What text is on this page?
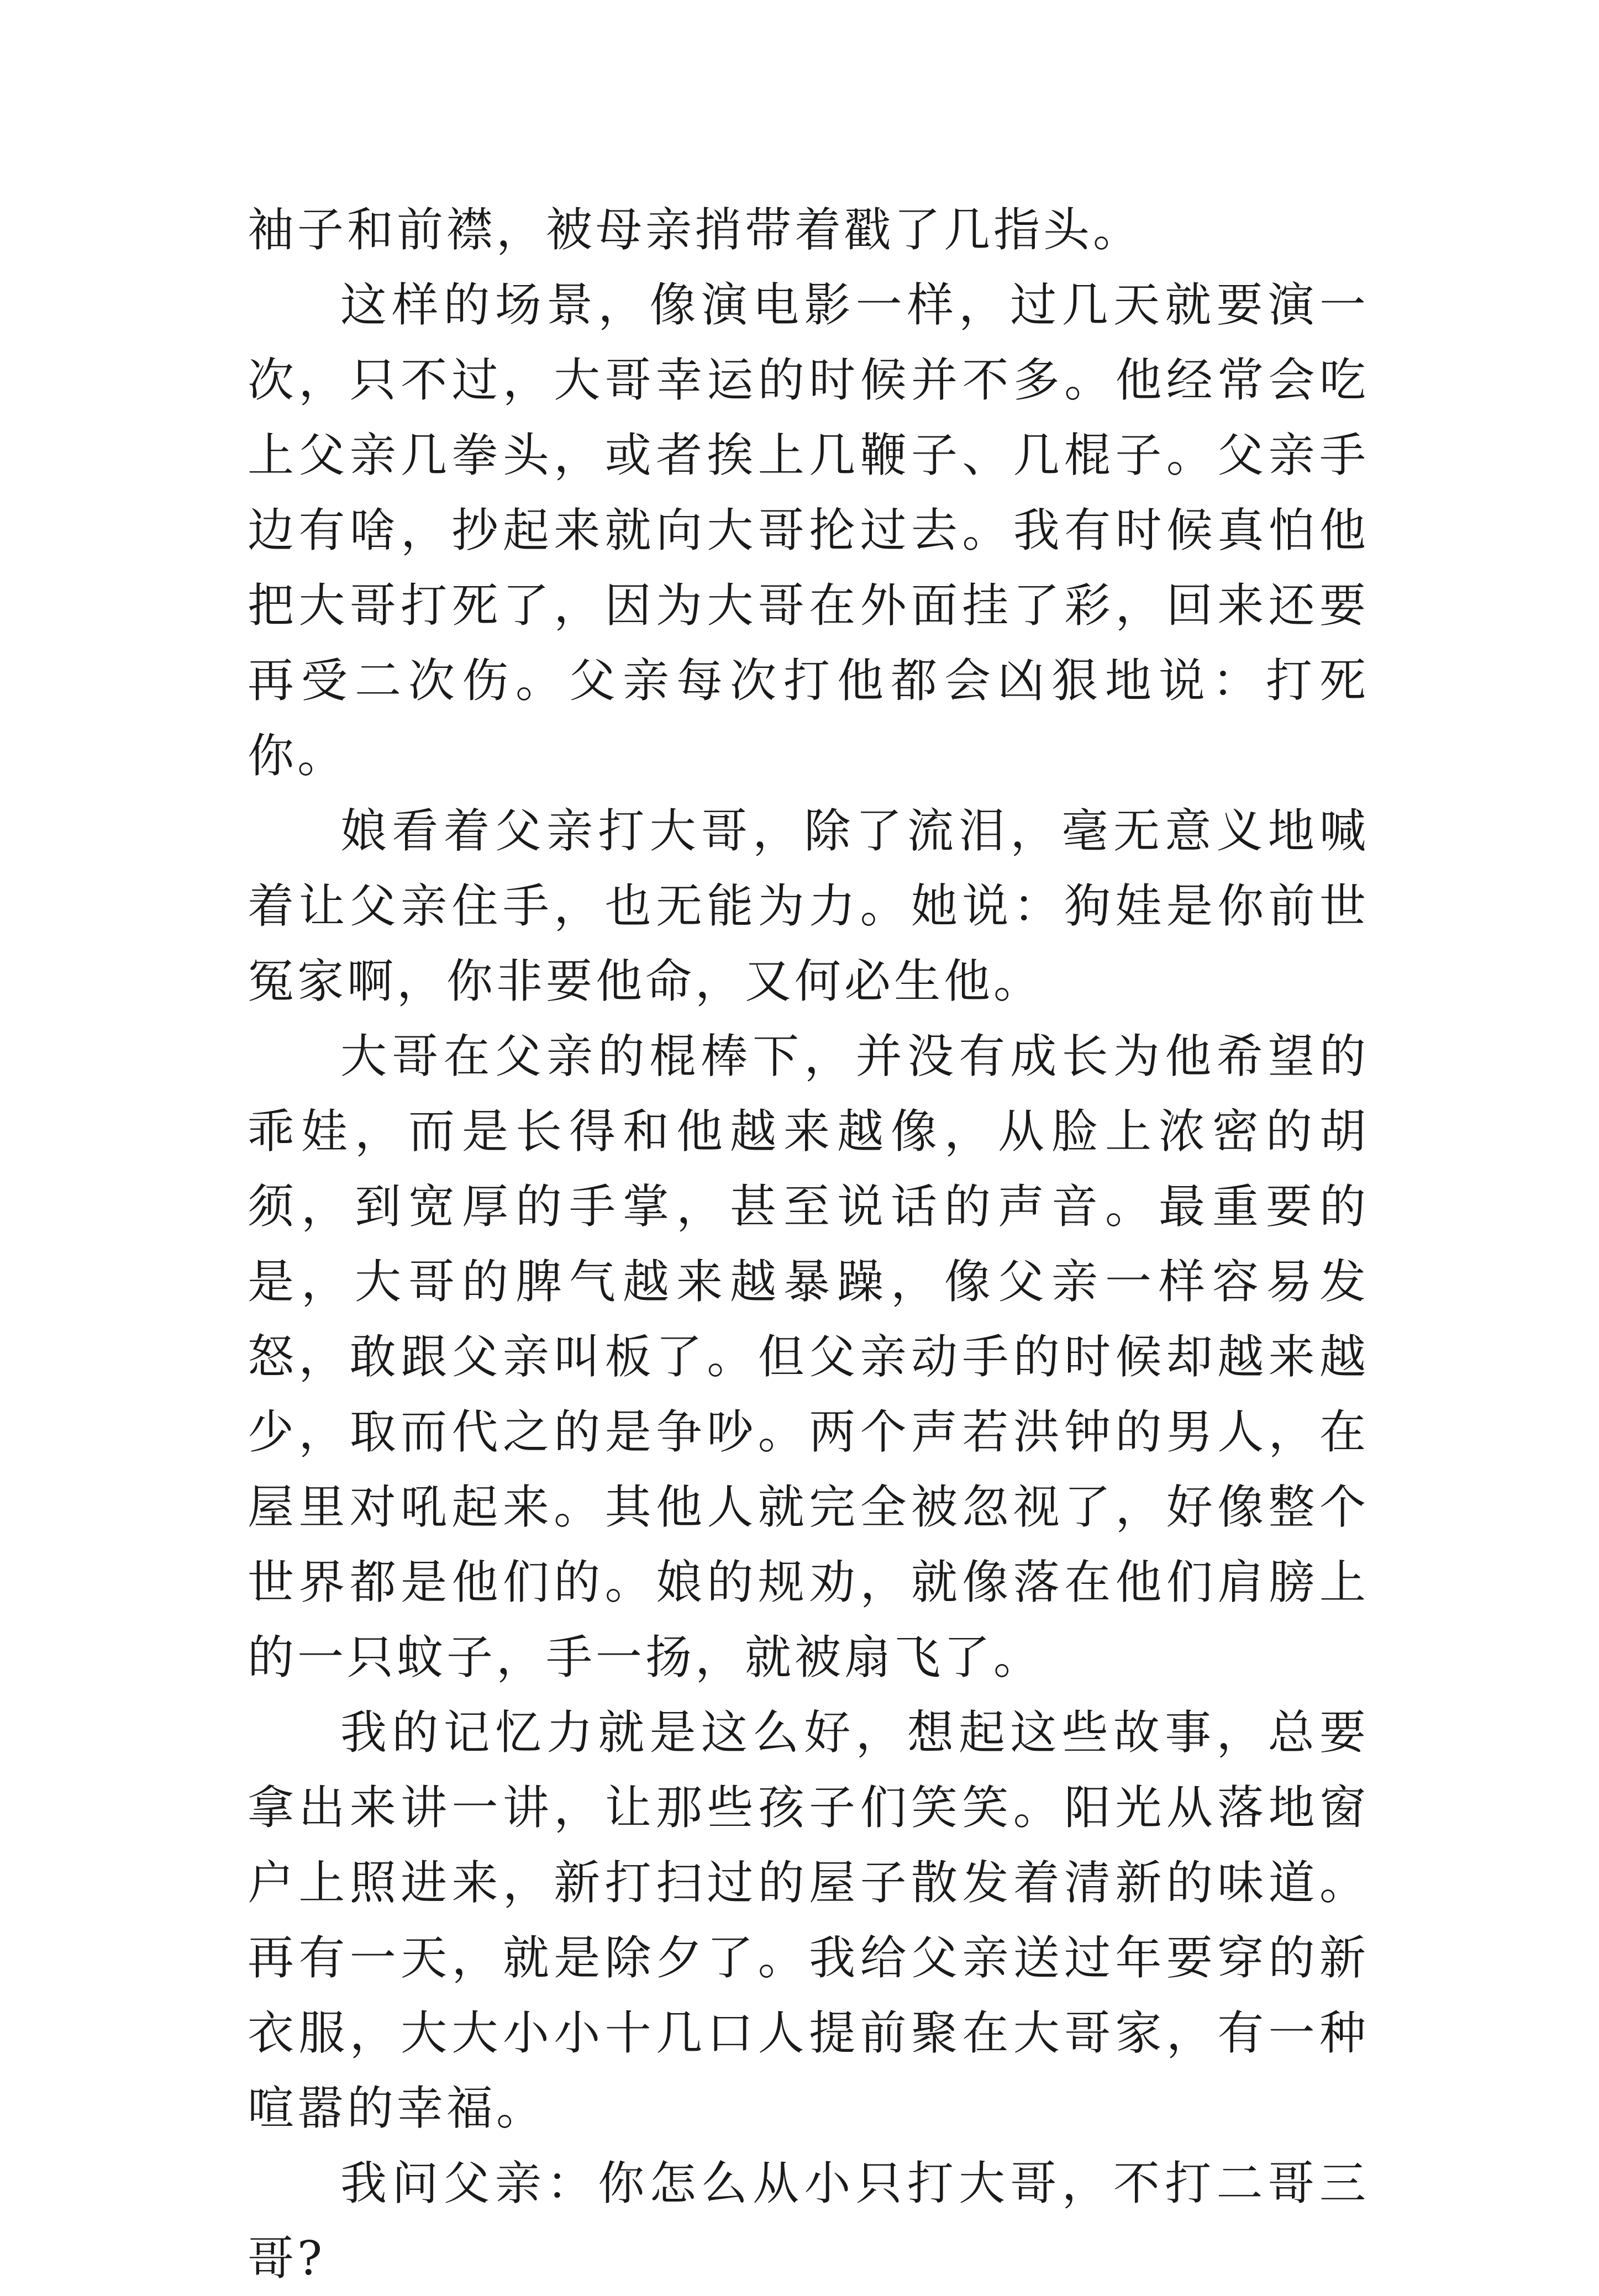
袖子和前襟，被母亲捎带着戳了几指头。

这样的场景，像演电影一样，过几天就要演一次，只不过，大哥幸运的时候并不多。他经常会吃上父亲几拳头，或者挨上几鞭子、几棍子。父亲手边有啥，抄起来就向大哥抡过去。我有时候真怕他把大哥打死了，因为大哥在外面挂了彩，回来还要再受二次伤。父亲每次打他都会凶狠地说：打死你。

娘看着父亲打大哥，除了流泪，毫无意义地喊着让父亲住手，也无能为力。她说：狗娃是你前世冤家啊，你非要他命，又何必生他。

大哥在父亲的棍棒下，并没有成长为他希望的乖娃，而是长得和他越来越像，从脸上浓密的胡须，到宽厚的手掌，甚至说话的声音。最重要的是，大哥的脾气越来越暴躁，像父亲一样容易发怒，敢跟父亲叫板了。但父亲动手的时候却越来越少，取而代之的是争吵。两个声若洪钟的男人，在屋里对吼起来。其他人就完全被忽视了，好像整个世界都是他们的。娘的规劝，就像落在他们肩膀上的一只蚊子，手一扬，就被扇飞了。

我的记忆力就是这么好，想起这些故事，总要拿出来讲一讲，让那些孩子们笑笑。阳光从落地窗户上照进来，新打扫过的屋子散发着清新的味道。再有一天，就是除夕了。我给父亲送过年要穿的新衣服，大大小小十几口人提前聚在大哥家，有一种喧嚣的幸福。

我问父亲：你怎么从小只打大哥，不打二哥三哥?
